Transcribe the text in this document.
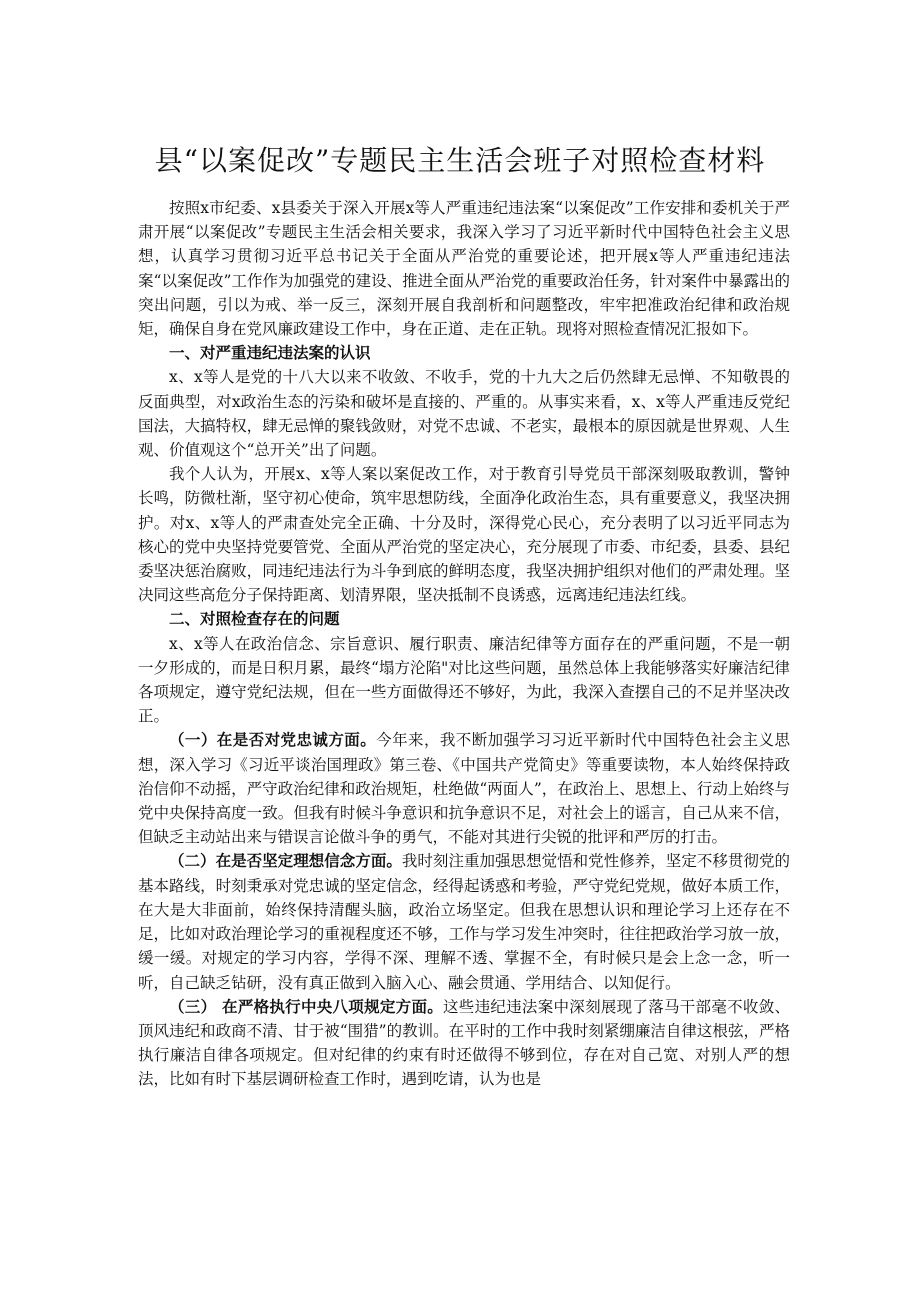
县“以案促改”专题民主生活会班子对照检查材料

按照x市纪委、x县委关于深入开展x等人严重违纪违法案“以案促改”工作安排和委机关于严肃开展“以案促改”专题民主生活会相关要求，我深入学习了习近平新时代中国特色社会主义思想，认真学习贯彻习近平总书记关于全面从严治党的重要论述，把开展x等人严重违纪违法案“以案促改”工作作为加强党的建设、推进全面从严治党的重要政治任务，针对案件中暴露出的突出问题，引以为戒、举一反三，深刻开展自我剖析和问题整改，牢牢把准政治纪律和政治规矩，确保自身在党风廉政建设工作中，身在正道、走在正轨。现将对照检查情况汇报如下。

一、对严重违纪违法案的认识

x、x等人是党的十八大以来不收敛、不收手，党的十九大之后仍然肆无忌惮、不知敬畏的反面典型，对x政治生态的污染和破坏是直接的、严重的。从事实来看，x、x等人严重违反党纪国法，大搞特权，肆无忌惮的聚钱敛财，对党不忠诚、不老实，最根本的原因就是世界观、人生观、价值观这个“总开关”出了问题。

我个人认为，开展x、x等人案以案促改工作，对于教育引导党员干部深刻吸取教训，警钟长鸣，防微杜渐，坚守初心使命，筑牢思想防线，全面净化政治生态，具有重要意义，我坚决拥护。对x、x等人的严肃查处完全正确、十分及时，深得党心民心，充分表明了以习近平同志为核心的党中央坚持党要管党、全面从严治党的坚定决心，充分展现了市委、市纪委，县委、县纪委坚决惩治腐败，同违纪违法行为斗争到底的鲜明态度，我坚决拥护组织对他们的严肃处理。坚决同这些高危分子保持距离、划清界限，坚决抵制不良诱惑，远离违纪违法红线。

二、对照检查存在的问题

x、x等人在政治信念、宗旨意识、履行职责、廉洁纪律等方面存在的严重问题，不是一朝一夕形成的，而是日积月累，最终“塌方沦陷"对比这些问题，虽然总体上我能够落实好廉洁纪律各项规定，遵守党纪法规，但在一些方面做得还不够好，为此，我深入查摆自己的不足并坚决改正。

（一）在是否对党忠诚方面。今年来，我不断加强学习习近平新时代中国特色社会主义思想，深入学习《习近平谈治国理政》第三卷、《中国共产党简史》等重要读物，本人始终保持政治信仰不动摇，严守政治纪律和政治规矩，杜绝做“两面人”，在政治上、思想上、行动上始终与党中央保持高度一致。但我有时候斗争意识和抗争意识不足，对社会上的谣言，自己从来不信，但缺乏主动站出来与错误言论做斗争的勇气，不能对其进行尖锐的批评和严厉的打击。

（二）在是否坚定理想信念方面。我时刻注重加强思想觉悟和党性修养，坚定不移贯彻党的基本路线，时刻秉承对党忠诚的坚定信念，经得起诱惑和考验，严守党纪党规，做好本质工作，在大是大非面前，始终保持清醒头脑，政治立场坚定。但我在思想认识和理论学习上还存在不足，比如对政治理论学习的重视程度还不够，工作与学习发生冲突时，往往把政治学习放一放，缓一缓。对规定的学习内容，学得不深、理解不透、掌握不全，有时候只是会上念一念，听一听，自己缺乏钻研，没有真正做到入脑入心、融会贯通、学用结合、以知促行。

（三） 在严格执行中央八项规定方面。这些违纪违法案中深刻展现了落马干部毫不收敛、顶风违纪和政商不清、甘于被“围猎”的教训。在平时的工作中我时刻紧绷廉洁自律这根弦，严格执行廉洁自律各项规定。但对纪律的约束有时还做得不够到位，存在对自己宽、对别人严的想法，比如有时下基层调研检查工作时，遇到吃请，认为也是
